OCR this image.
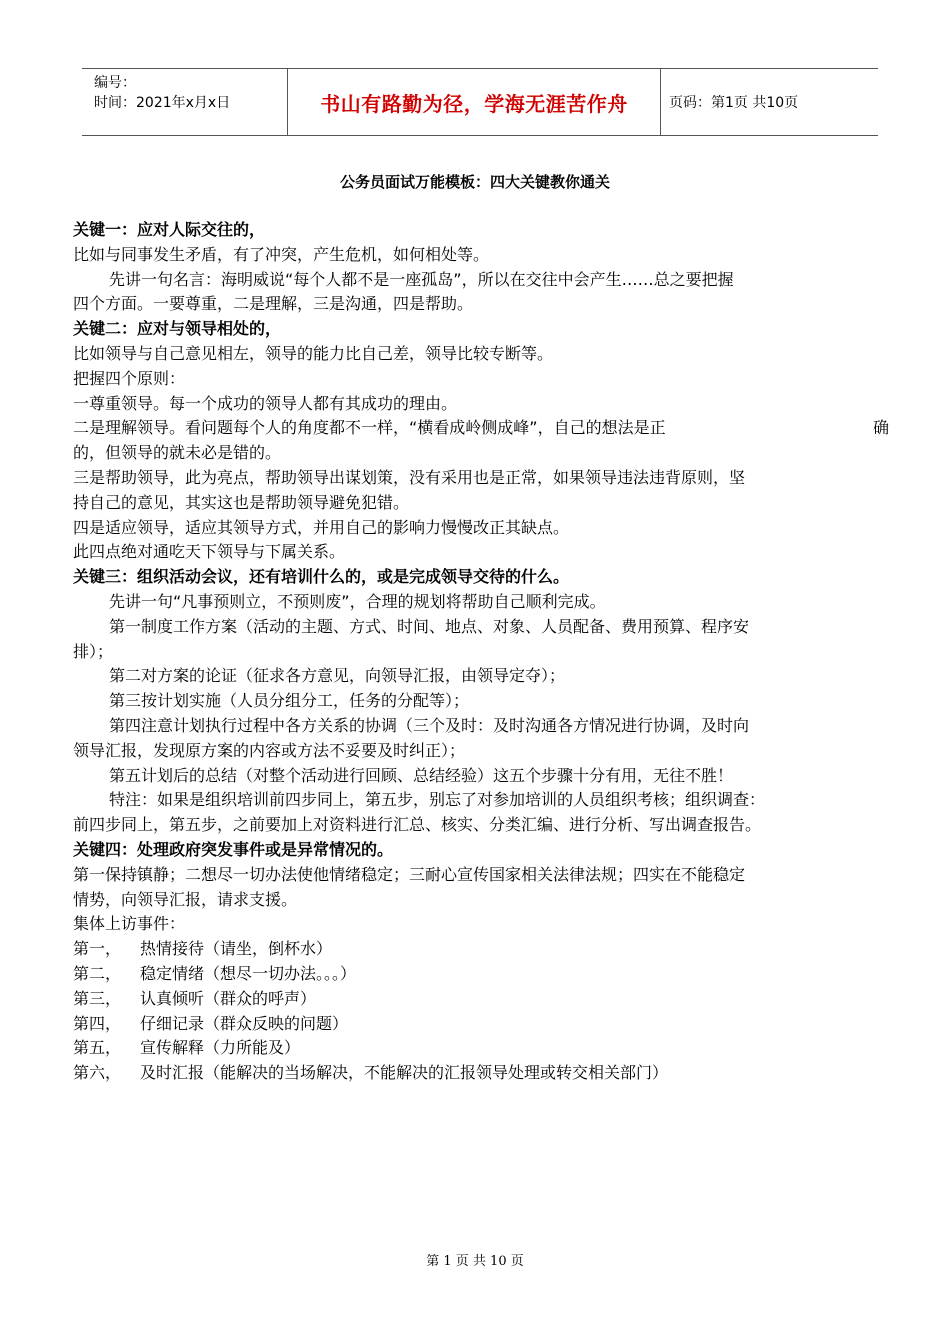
编号：
时间：2021年x月x日	书山有路勤为径，学海无涯苦作舟	页码：第1页 共10页
公务员面试万能模板：四大关键教你通关
关键一：应对人际交往的，
比如与同事发生矛盾，有了冲突，产生危机，如何相处等。
先讲一句名言：海明威说“每个人都不是一座孤岛”，所以在交往中会产生……总之要把握
四个方面。一要尊重，二是理解，三是沟通，四是帮助。
关键二：应对与领导相处的，
比如领导与自己意见相左，领导的能力比自己差，领导比较专断等。
把握四个原则：
一尊重领导。每一个成功的领导人都有其成功的理由。
二是理解领导。看问题每个人的角度都不一样，“横看成岭侧成峰”，自己的想法是正	确
的，但领导的就未必是错的。
三是帮助领导，此为亮点，帮助领导出谋划策，没有采用也是正常，如果领导违法违背原则，坚
持自己的意见，其实这也是帮助领导避免犯错。
四是适应领导，适应其领导方式，并用自己的影响力慢慢改正其缺点。
此四点绝对通吃天下领导与下属关系。
关键三：组织活动会议，还有培训什么的，或是完成领导交待的什么。
先讲一句“凡事预则立，不预则废”，合理的规划将帮助自己顺利完成。
第一制度工作方案（活动的主题、方式、时间、地点、对象、人员配备、费用预算、程序安
排）；
第二对方案的论证（征求各方意见，向领导汇报，由领导定夺）；
第三按计划实施（人员分组分工，任务的分配等）；
第四注意计划执行过程中各方关系的协调（三个及时：及时沟通各方情况进行协调，及时向
领导汇报，发现原方案的内容或方法不妥要及时纠正）；
第五计划后的总结（对整个活动进行回顾、总结经验）这五个步骤十分有用，无往不胜！
特注：如果是组织培训前四步同上，第五步，别忘了对参加培训的人员组织考核；组织调查：
前四步同上，第五步，之前要加上对资料进行汇总、核实、分类汇编、进行分析、写出调查报告。
关键四：处理政府突发事件或是异常情况的。
第一保持镇静；二想尽一切办法使他情绪稳定；三耐心宣传国家相关法律法规；四实在不能稳定
情势，向领导汇报，请求支援。
集体上访事件：
第一，	热情接待（请坐，倒杯水）
第二，	稳定情绪（想尽一切办法。。。）
第三，	认真倾听（群众的呼声）
第四，	仔细记录（群众反映的问题）
第五，	宣传解释（力所能及）
第六，	及时汇报（能解决的当场解决，不能解决的汇报领导处理或转交相关部门）
第 1 页 共 10 页
